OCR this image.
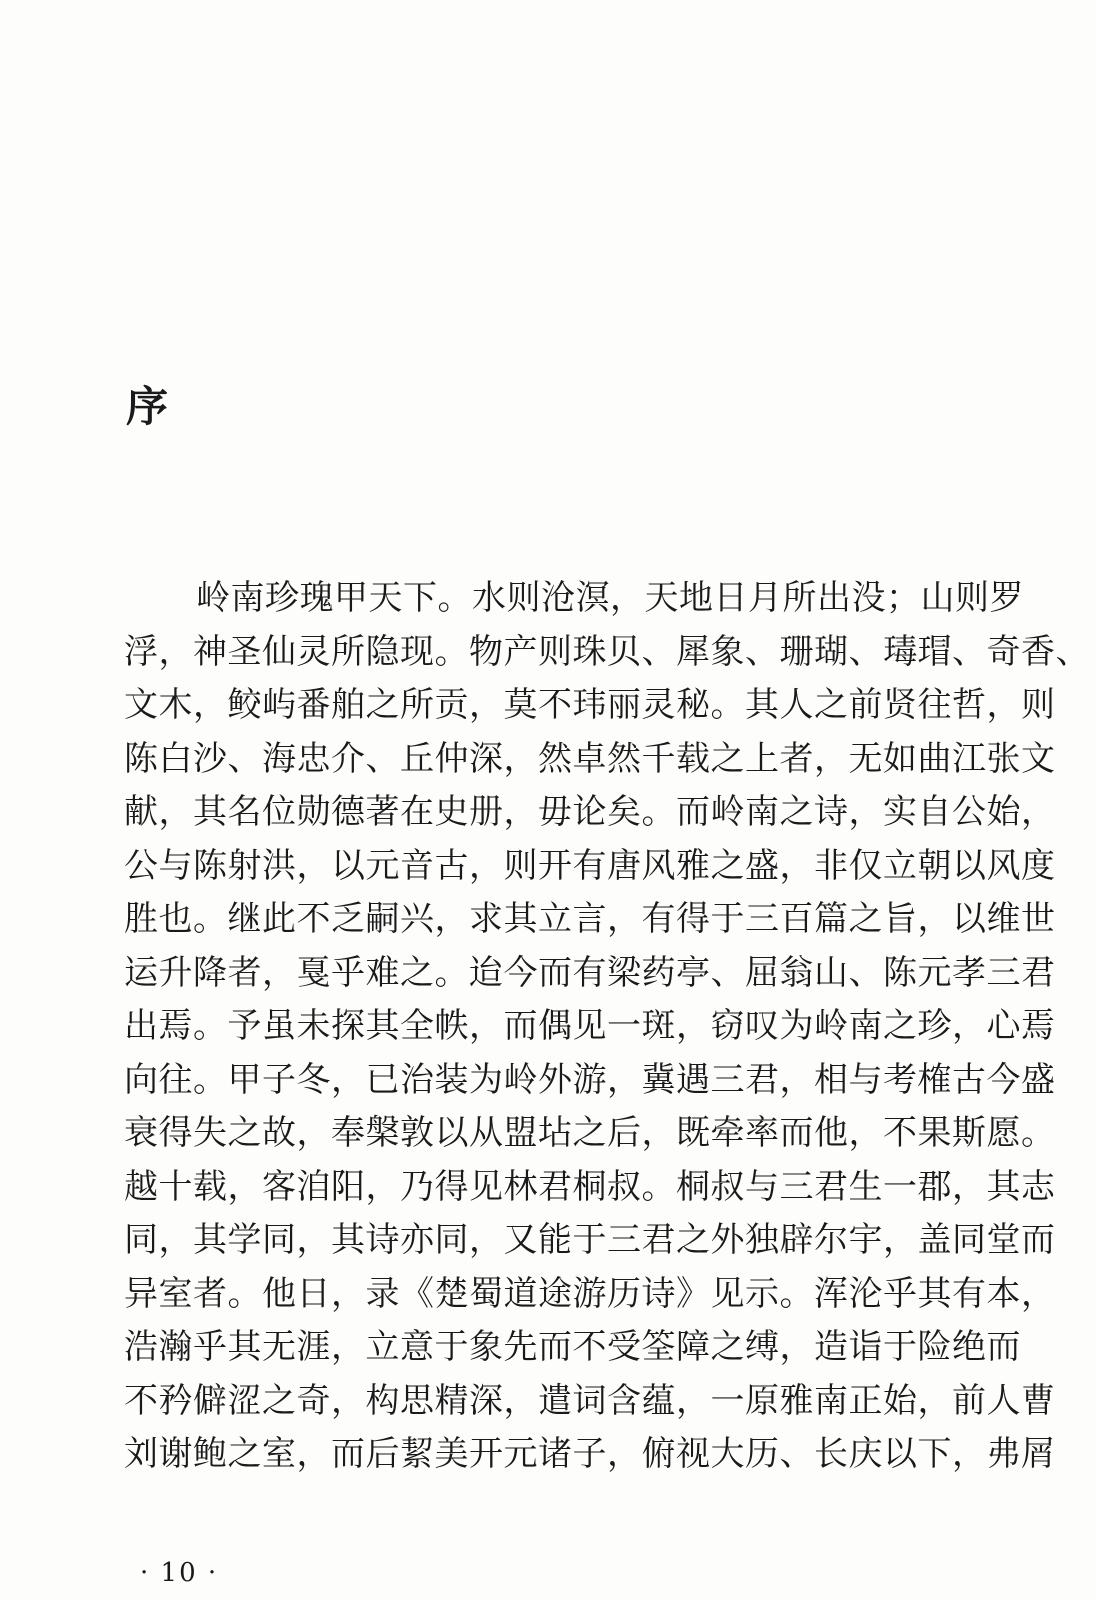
序

岭南珍瑰甲天下。水则沧溟，天地日月所出没；山则罗

浮，神圣仙灵所隐现。物产则珠贝、犀象、珊瑚、瑇瑁、奇香、

文木，鲛屿番舶之所贡，莫不玮丽灵秘。其人之前贤往哲，则

陈白沙、海忠介、丘仲深，然卓然千载之上者，无如曲江张文

献，其名位勋德著在史册，毋论矣。而岭南之诗，实自公始，

公与陈射洪，以元音古，则开有唐风雅之盛，非仅立朝以风度

胜也。继此不乏嗣兴，求其立言，有得于三百篇之旨，以维世

运升降者，戛乎难之。迨今而有梁药亭、屈翁山、陈元孝三君

出焉。予虽未探其全帙，而偶见一斑，窃叹为岭南之珍，心焉

向往。甲子冬，已治装为岭外游，冀遇三君，相与考榷古今盛

衰得失之故，奉槃敦以从盟坫之后，既牵率而他，不果斯愿。

越十载，客洎阳，乃得见林君桐叔。桐叔与三君生一郡，其志

同，其学同，其诗亦同，又能于三君之外独辟尔宇，盖同堂而

异室者。他日，录《楚蜀道途游历诗》见示。浑沦乎其有本，

浩瀚乎其无涯，立意于象先而不受筌障之缚，造诣于险绝而

不矜僻涩之奇，构思精深，遣词含蕴，一原雅南正始，前人曹

刘谢鲍之室，而后絜美开元诸子，俯视大历、长庆以下，弗屑

· 10 ·
